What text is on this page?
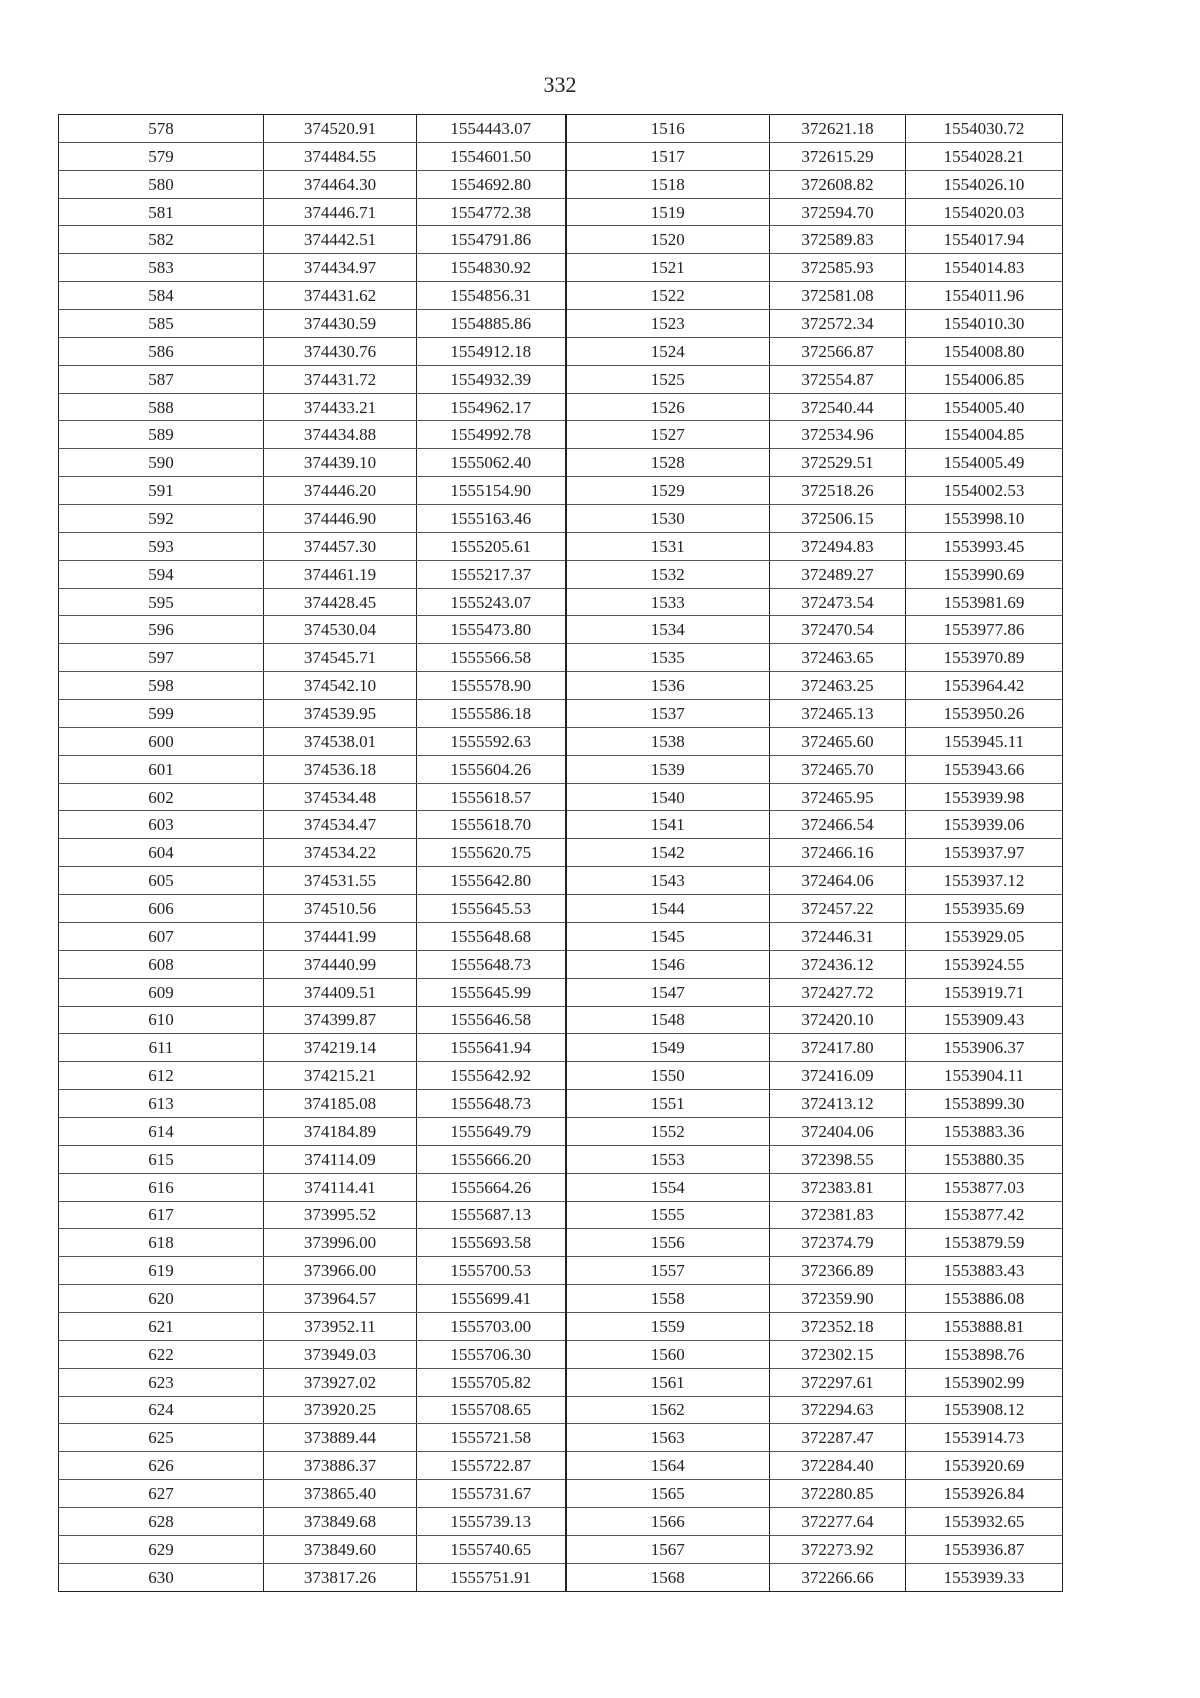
332
578	374520.91	1554443.07	1516	372621.18	1554030.72
579	374484.55	1554601.50	1517	372615.29	1554028.21
580	374464.30	1554692.80	1518	372608.82	1554026.10
581	374446.71	1554772.38	1519	372594.70	1554020.03
582	374442.51	1554791.86	1520	372589.83	1554017.94
583	374434.97	1554830.92	1521	372585.93	1554014.83
584	374431.62	1554856.31	1522	372581.08	1554011.96
585	374430.59	1554885.86	1523	372572.34	1554010.30
586	374430.76	1554912.18	1524	372566.87	1554008.80
587	374431.72	1554932.39	1525	372554.87	1554006.85
588	374433.21	1554962.17	1526	372540.44	1554005.40
589	374434.88	1554992.78	1527	372534.96	1554004.85
590	374439.10	1555062.40	1528	372529.51	1554005.49
591	374446.20	1555154.90	1529	372518.26	1554002.53
592	374446.90	1555163.46	1530	372506.15	1553998.10
593	374457.30	1555205.61	1531	372494.83	1553993.45
594	374461.19	1555217.37	1532	372489.27	1553990.69
595	374428.45	1555243.07	1533	372473.54	1553981.69
596	374530.04	1555473.80	1534	372470.54	1553977.86
597	374545.71	1555566.58	1535	372463.65	1553970.89
598	374542.10	1555578.90	1536	372463.25	1553964.42
599	374539.95	1555586.18	1537	372465.13	1553950.26
600	374538.01	1555592.63	1538	372465.60	1553945.11
601	374536.18	1555604.26	1539	372465.70	1553943.66
602	374534.48	1555618.57	1540	372465.95	1553939.98
603	374534.47	1555618.70	1541	372466.54	1553939.06
604	374534.22	1555620.75	1542	372466.16	1553937.97
605	374531.55	1555642.80	1543	372464.06	1553937.12
606	374510.56	1555645.53	1544	372457.22	1553935.69
607	374441.99	1555648.68	1545	372446.31	1553929.05
608	374440.99	1555648.73	1546	372436.12	1553924.55
609	374409.51	1555645.99	1547	372427.72	1553919.71
610	374399.87	1555646.58	1548	372420.10	1553909.43
611	374219.14	1555641.94	1549	372417.80	1553906.37
612	374215.21	1555642.92	1550	372416.09	1553904.11
613	374185.08	1555648.73	1551	372413.12	1553899.30
614	374184.89	1555649.79	1552	372404.06	1553883.36
615	374114.09	1555666.20	1553	372398.55	1553880.35
616	374114.41	1555664.26	1554	372383.81	1553877.03
617	373995.52	1555687.13	1555	372381.83	1553877.42
618	373996.00	1555693.58	1556	372374.79	1553879.59
619	373966.00	1555700.53	1557	372366.89	1553883.43
620	373964.57	1555699.41	1558	372359.90	1553886.08
621	373952.11	1555703.00	1559	372352.18	1553888.81
622	373949.03	1555706.30	1560	372302.15	1553898.76
623	373927.02	1555705.82	1561	372297.61	1553902.99
624	373920.25	1555708.65	1562	372294.63	1553908.12
625	373889.44	1555721.58	1563	372287.47	1553914.73
626	373886.37	1555722.87	1564	372284.40	1553920.69
627	373865.40	1555731.67	1565	372280.85	1553926.84
628	373849.68	1555739.13	1566	372277.64	1553932.65
629	373849.60	1555740.65	1567	372273.92	1553936.87
630	373817.26	1555751.91	1568	372266.66	1553939.33
